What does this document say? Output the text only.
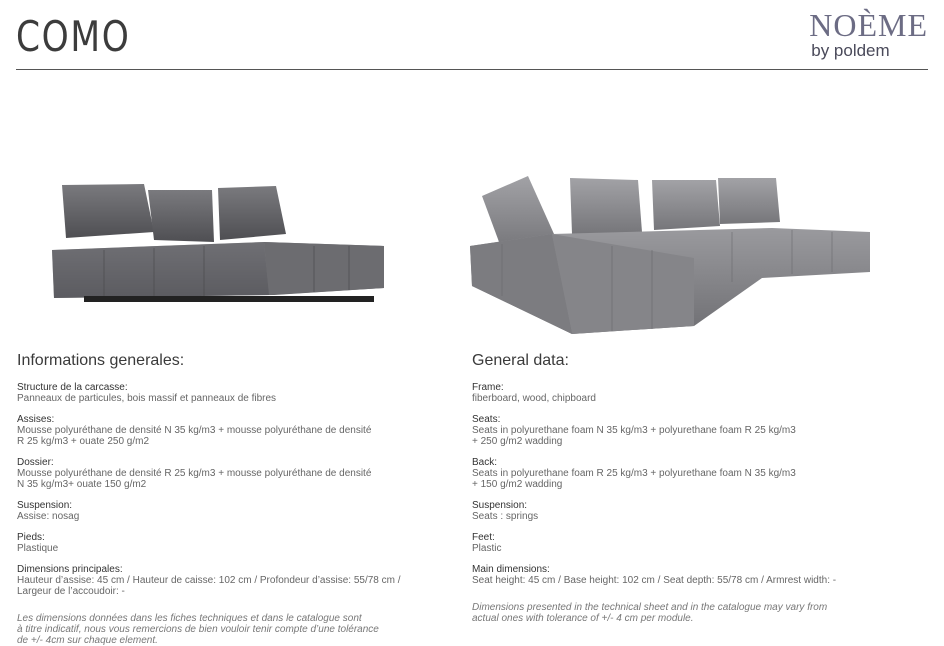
COMO	NOÈME
by poldem
Informations generales:
Structure de la carcasse:
Panneaux de particules, bois massif et panneaux de fibres
Assises:
Mousse polyuréthane de densité N 35 kg/m3 + mousse polyuréthane de densité
R 25 kg/m3 + ouate 250 g/m2
Dossier:
Mousse polyuréthane de densité R 25 kg/m3 + mousse polyuréthane de densité
N 35 kg/m3+ ouate 150 g/m2
Suspension:
Assise: nosag
Pieds:
Plastique
Dimensions principales:
Hauteur d’assise: 45 cm / Hauteur de caisse: 102 cm / Profondeur d’assise: 55/78 cm /
Largeur de l’accoudoir: -
Les dimensions données dans les fiches techniques et dans le catalogue sont
à titre indicatif, nous vous remercions de bien vouloir tenir compte d’une tolérance
de +/- 4cm sur chaque element.
General data:
Frame:
fiberboard, wood, chipboard
Seats:
Seats in polyurethane foam N 35 kg/m3 + polyurethane foam R 25 kg/m3
+ 250 g/m2 wadding
Back:
Seats in polyurethane foam R 25 kg/m3 + polyurethane foam N 35 kg/m3
+ 150 g/m2 wadding
Suspension:
Seats : springs
Feet:
Plastic
Main dimensions:
Seat height: 45 cm / Base height: 102 cm / Seat depth: 55/78 cm / Armrest width: -
Dimensions presented in the technical sheet and in the catalogue may vary from
actual ones with tolerance of +/- 4 cm per module.
